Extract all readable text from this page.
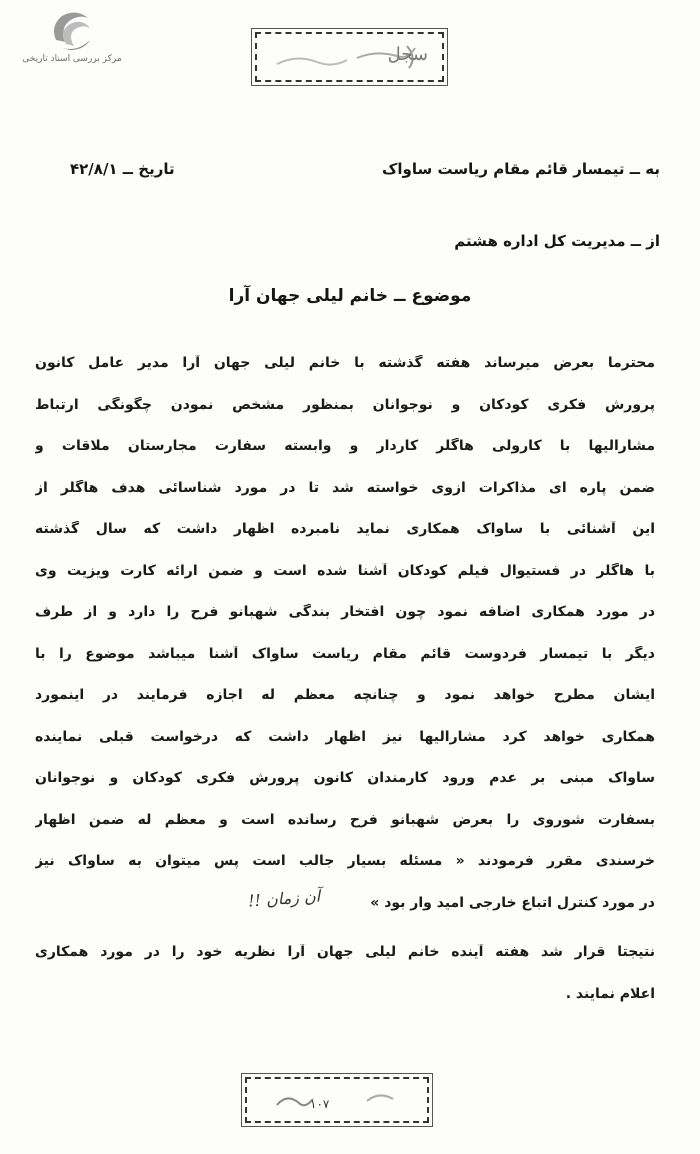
مرکز بررسی اسناد تاریخی	سجل
به ــ تیمسار قائم مقام ریاست ساواک
تاریخ ــ ۴۲/۸/۱
از ــ مدیریت کل اداره هشتم
موضوع ــ خانم لیلی جهان آرا
محترما بعرض میرساند هفته گذشته با خانم لیلی جهان آرا مدیر عامل کانون
پرورش فکری کودکان و نوجوانان بمنظور مشخص نمودن چگونگی ارتباط
مشارالیها با کارولی هاگلر کاردار و وابسته سفارت مجارستان ملاقات و
ضمن پاره ای مذاکرات ازوی خواسته شد تا در مورد شناسائی هدف هاگلر از
این آشنائی با ساواک همکاری نماید نامبرده اظهار داشت که سال گذشته
با هاگلر در فستیوال فیلم کودکان آشنا شده است و ضمن ارائه کارت ویزیت وی
در مورد همکاری اضافه نمود چون افتخار بندگی شهبانو فرح را دارد و از طرف
دیگر با تیمسار فردوست قائم مقام ریاست ساواک آشنا میباشد موضوع را با
ایشان مطرح خواهد نمود و چنانچه معظم له اجازه فرمایند در اینمورد
همکاری خواهد کرد مشارالیها نیز اظهار داشت که درخواست قبلی نماینده
ساواک مبنی بر عدم ورود کارمندان کانون پرورش فکری کودکان و نوجوانان
بسفارت شوروی را بعرض شهبانو فرح رسانده است و معظم له ضمن اظهار
خرسندی مقرر فرمودند « مسئله بسیار جالب است پس میتوان به ساواک نیز
در مورد کنترل اتباع خارجی امید وار بود »
نتیجتا قرار شد هفته آینده خانم لیلی جهان آرا نظریه خود را در مورد همکاری
اعلام نمایند .
آن زمان !!
۱۰۷
